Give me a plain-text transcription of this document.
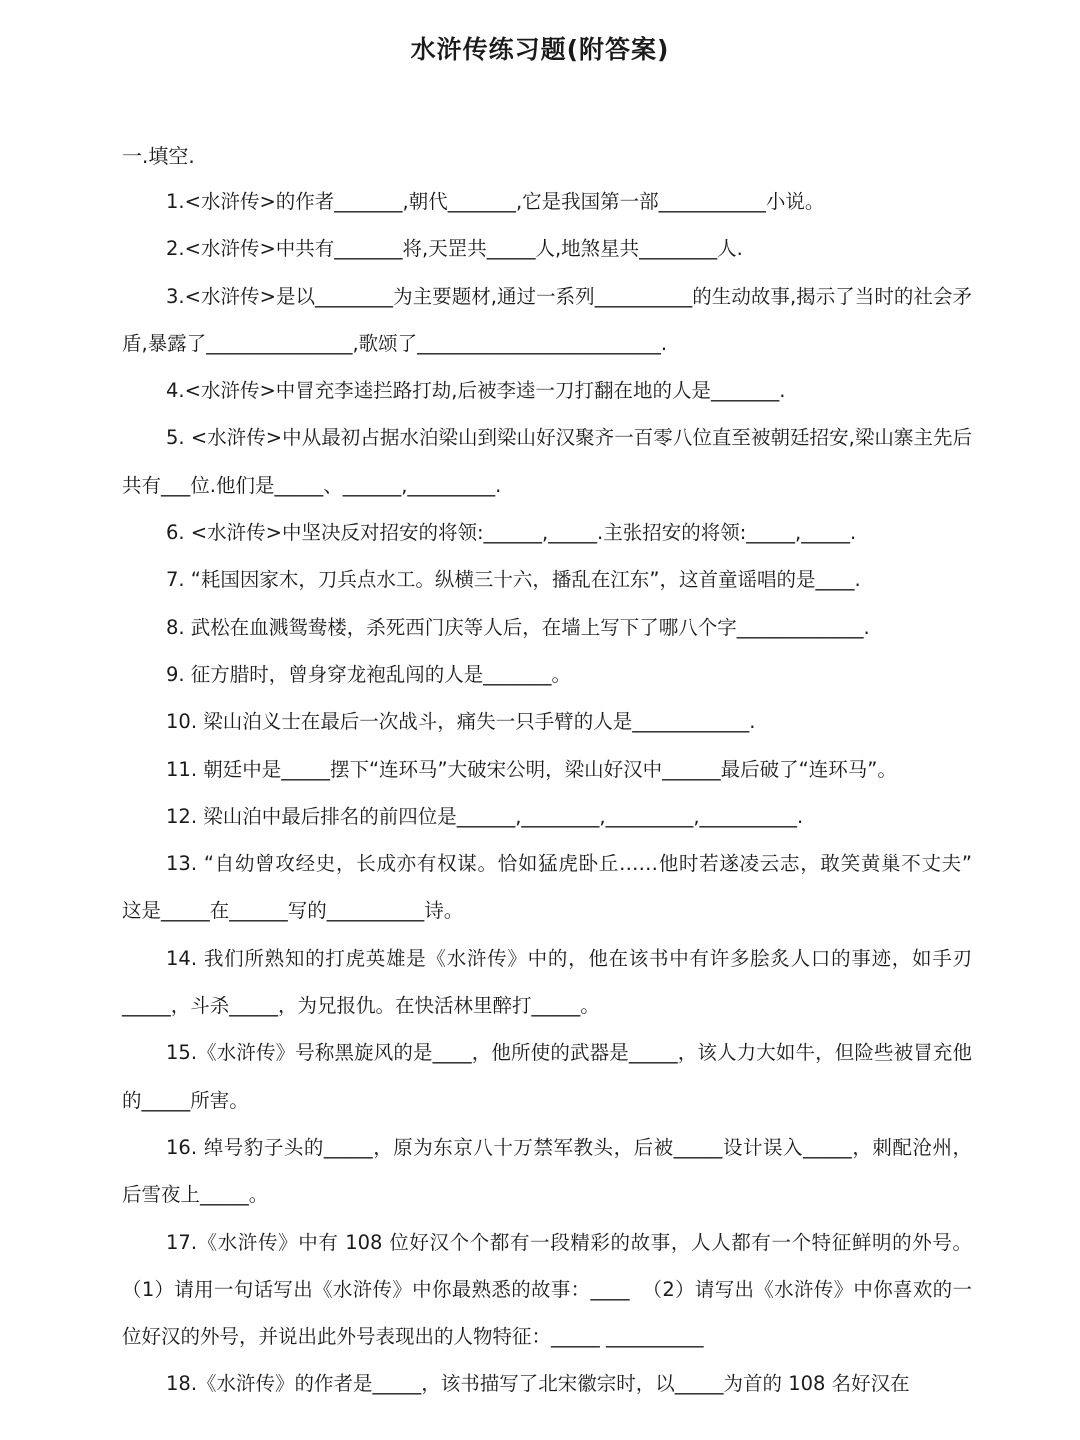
水浒传练习题(附答案)
一.填空.

1.<水浒传>的作者_______,朝代_______,它是我国第一部___________小说。

2.<水浒传>中共有_______将,天罡共_____人,地煞星共________人.

3.<水浒传>是以________为主要题材,通过一系列__________的生动故事,揭示了当时的社会矛盾,暴露了_______________,歌颂了_________________________.

4.<水浒传>中冒充李逵拦路打劫,后被李逵一刀打翻在地的人是_______.

5. <水浒传>中从最初占据水泊梁山到梁山好汉聚齐一百零八位直至被朝廷招安,梁山寨主先后共有___位.他们是_____、______,_________.

6. <水浒传>中坚决反对招安的将领:______,_____.主张招安的将领:_____,_____.

7. “耗国因家木，刀兵点水工。纵横三十六，播乱在江东”，这首童谣唱的是____.

8. 武松在血溅鸳鸯楼，杀死西门庆等人后，在墙上写下了哪八个字_____________.

9. 征方腊时，曾身穿龙袍乱闯的人是_______。

10. 梁山泊义士在最后一次战斗，痛失一只手臂的人是____________.

11. 朝廷中是_____摆下“连环马”大破宋公明，梁山好汉中______最后破了“连环马”。

12. 梁山泊中最后排名的前四位是______,________,_________,__________.

13. “自幼曾攻经史，长成亦有权谋。恰如猛虎卧丘……他时若遂凌云志，敢笑黄巢不丈夫”  这是_____在______写的__________诗。

14. 我们所熟知的打虎英雄是《水浒传》中的，他在该书中有许多脍炙人口的事迹，如手刃_____，斗杀_____，为兄报仇。在快活林里醉打_____。

15.《水浒传》号称黑旋风的是____，他所使的武器是_____，该人力大如牛，但险些被冒充他的_____所害。

16. 绰号豹子头的_____，原为东京八十万禁军教头，后被_____设计误入_____，刺配沧州，后雪夜上_____。

17.《水浒传》中有 108 位好汉个个都有一段精彩的故事，人人都有一个特征鲜明的外号。 （1）请用一句话写出《水浒传》中你最熟悉的故事：____  （2）请写出《水浒传》中你喜欢的一位好汉的外号，并说出此外号表现出的人物特征：_____ __________

18.《水浒传》的作者是_____，该书描写了北宋徽宗时，以_____为首的 108 名好汉在
